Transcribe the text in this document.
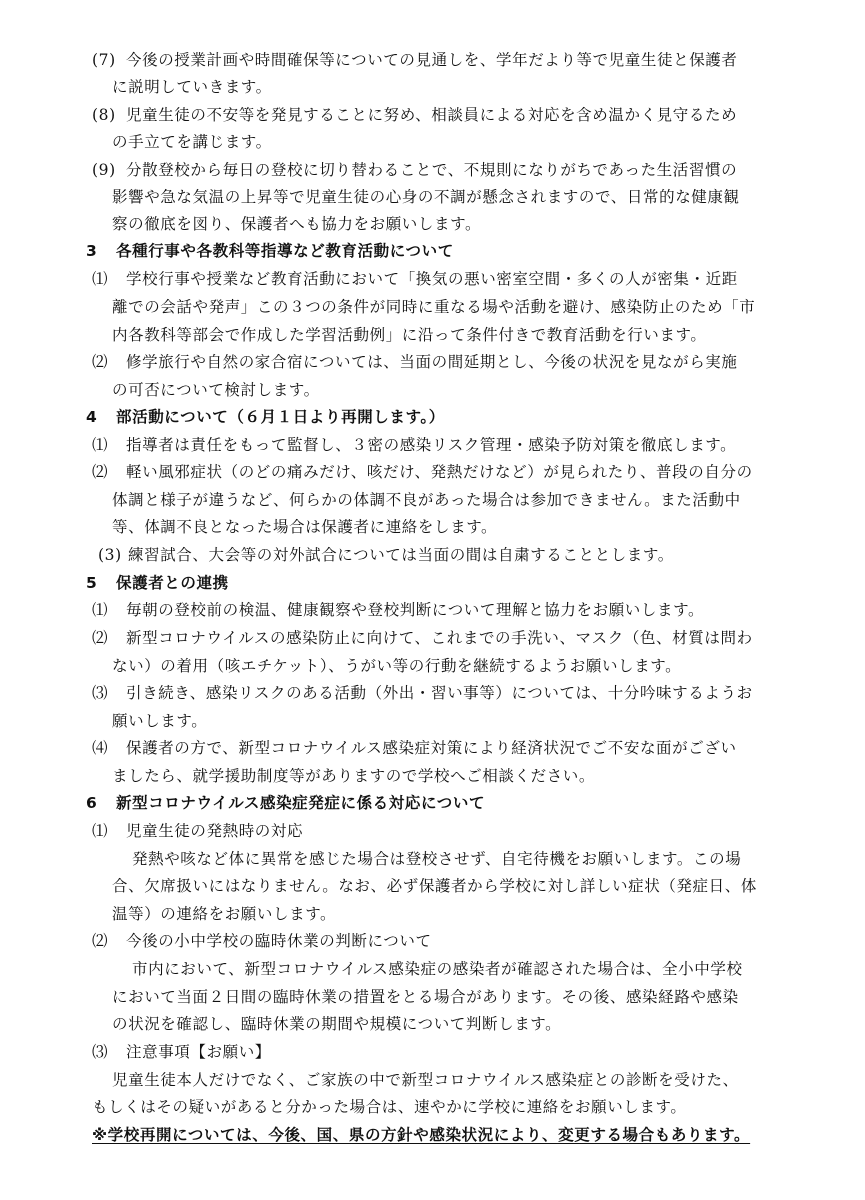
(7) 今後の授業計画や時間確保等についての見通しを、学年だより等で児童生徒と保護者
に説明していきます。
(8) 児童生徒の不安等を発見することに努め、相談員による対応を含め温かく見守るため
の手立てを講じます。
(9) 分散登校から毎日の登校に切り替わることで、不規則になりがちであった生活習慣の
影響や急な気温の上昇等で児童生徒の心身の不調が懸念されますので、日常的な健康観
察の徹底を図り、保護者へも協力をお願いします。
3 各種行事や各教科等指導など教育活動について
⑴ 学校行事や授業など教育活動において「換気の悪い密室空間・多くの人が密集・近距
離での会話や発声」この３つの条件が同時に重なる場や活動を避け、感染防止のため「市
内各教科等部会で作成した学習活動例」に沿って条件付きで教育活動を行います。
⑵ 修学旅行や自然の家合宿については、当面の間延期とし、今後の状況を見ながら実施
の可否について検討します。
4 部活動について（６月１日より再開します。）
⑴ 指導者は責任をもって監督し、３密の感染リスク管理・感染予防対策を徹底します。
⑵ 軽い風邪症状（のどの痛みだけ、咳だけ、発熱だけなど）が見られたり、普段の自分の
体調と様子が違うなど、何らかの体調不良があった場合は参加できません。また活動中
等、体調不良となった場合は保護者に連絡をします。
(3) 練習試合、大会等の対外試合については当面の間は自粛することとします。
5 保護者との連携
⑴ 毎朝の登校前の検温、健康観察や登校判断について理解と協力をお願いします。
⑵ 新型コロナウイルスの感染防止に向けて、これまでの手洗い、マスク（色、材質は問わ
ない）の着用（咳エチケット）、うがい等の行動を継続するようお願いします。
⑶ 引き続き、感染リスクのある活動（外出・習い事等）については、十分吟味するようお
願いします。
⑷ 保護者の方で、新型コロナウイルス感染症対策により経済状況でご不安な面がござい
ましたら、就学援助制度等がありますので学校へご相談ください。
6 新型コロナウイルス感染症発症に係る対応について
⑴ 児童生徒の発熱時の対応
発熱や咳など体に異常を感じた場合は登校させず、自宅待機をお願いします。この場
合、欠席扱いにはなりません。なお、必ず保護者から学校に対し詳しい症状（発症日、体
温等）の連絡をお願いします。
⑵ 今後の小中学校の臨時休業の判断について
市内において、新型コロナウイルス感染症の感染者が確認された場合は、全小中学校
において当面２日間の臨時休業の措置をとる場合があります。その後、感染経路や感染
の状況を確認し、臨時休業の期間や規模について判断します。
⑶ 注意事項【お願い】
児童生徒本人だけでなく、ご家族の中で新型コロナウイルス感染症との診断を受けた、
もしくはその疑いがあると分かった場合は、速やかに学校に連絡をお願いします。
※学校再開については、今後、国、県の方針や感染状況により、変更する場合もあります。
